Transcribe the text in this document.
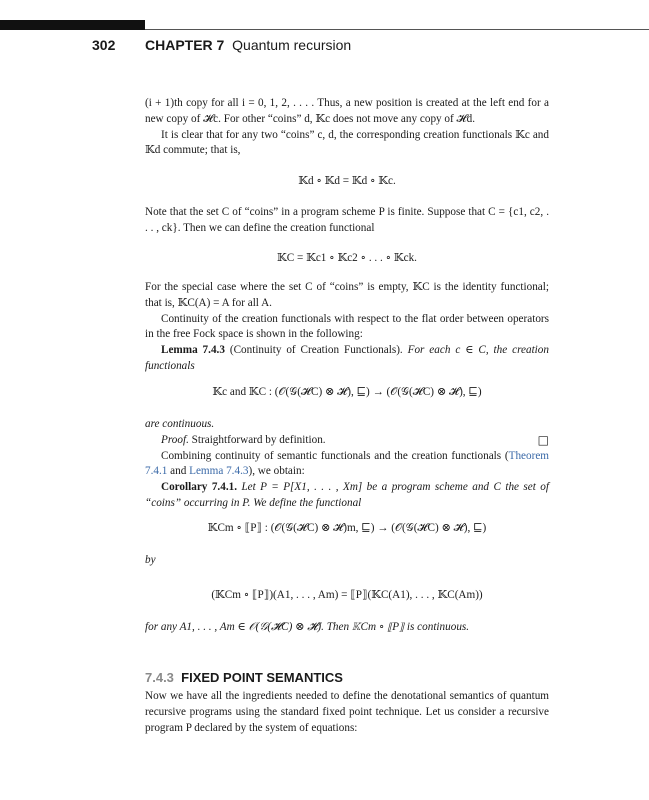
302 CHAPTER 7 Quantum recursion

(i + 1)th copy for all i = 0, 1, 2, . . . . Thus, a new position is created at the left end for a new copy of 𝓗c. For other “coins” d, 𝕂c does not move any copy of 𝓗d.

It is clear that for any two “coins” c, d, the corresponding creation functionals 𝕂c and 𝕂d commute; that is,

𝕂d ∘ 𝕂d = 𝕂d ∘ 𝕂c.
Note that the set C of “coins” in a program scheme P is finite. Suppose that C = {c1, c2, . . . , ck}. Then we can define the creation functional
𝕂C = 𝕂c1 ∘ 𝕂c2 ∘ . . . ∘ 𝕂ck.

For the special case where the set C of “coins” is empty, 𝕂C is the identity functional; that is, 𝕂C(A) = A for all A.

Continuity of the creation functionals with respect to the flat order between operators in the free Fock space is shown in the following:

Lemma 7.4.3 (Continuity of Creation Functionals). For each c ∈ C, the creation functionals

𝕂c and 𝕂C : (𝒪(𝒢(𝓗C) ⊗ 𝓗), ⊑) → (𝒪(𝒢(𝓗C) ⊗ 𝓗), ⊑)

are continuous.

Proof. Straightforward by definition.	□

Combining continuity of semantic functionals and the creation functionals (Theorem 7.4.1 and Lemma 7.4.3), we obtain:

Corollary 7.4.1. Let P = P[X1, . . . , Xm] be a program scheme and C the set of “coins” occurring in P. We define the functional

𝕂Cm ∘ ⟦P⟧ : (𝒪(𝒢(𝓗C) ⊗ 𝓗)m, ⊑) → (𝒪(𝒢(𝓗C) ⊗ 𝓗), ⊑)
by
(𝕂Cm ∘ ⟦P⟧)(A1, . . . , Am) = ⟦P⟧(𝕂C(A1), . . . , 𝕂C(Am))
for any A1, . . . , Am ∈ 𝒪(𝒢(𝓗C) ⊗ 𝓗). Then 𝕂Cm ∘ ⟦P⟧ is continuous.
7.4.3 FIXED POINT SEMANTICS
Now we have all the ingredients needed to define the denotational semantics of quantum recursive programs using the standard fixed point technique. Let us consider a recursive program P declared by the system of equations:
